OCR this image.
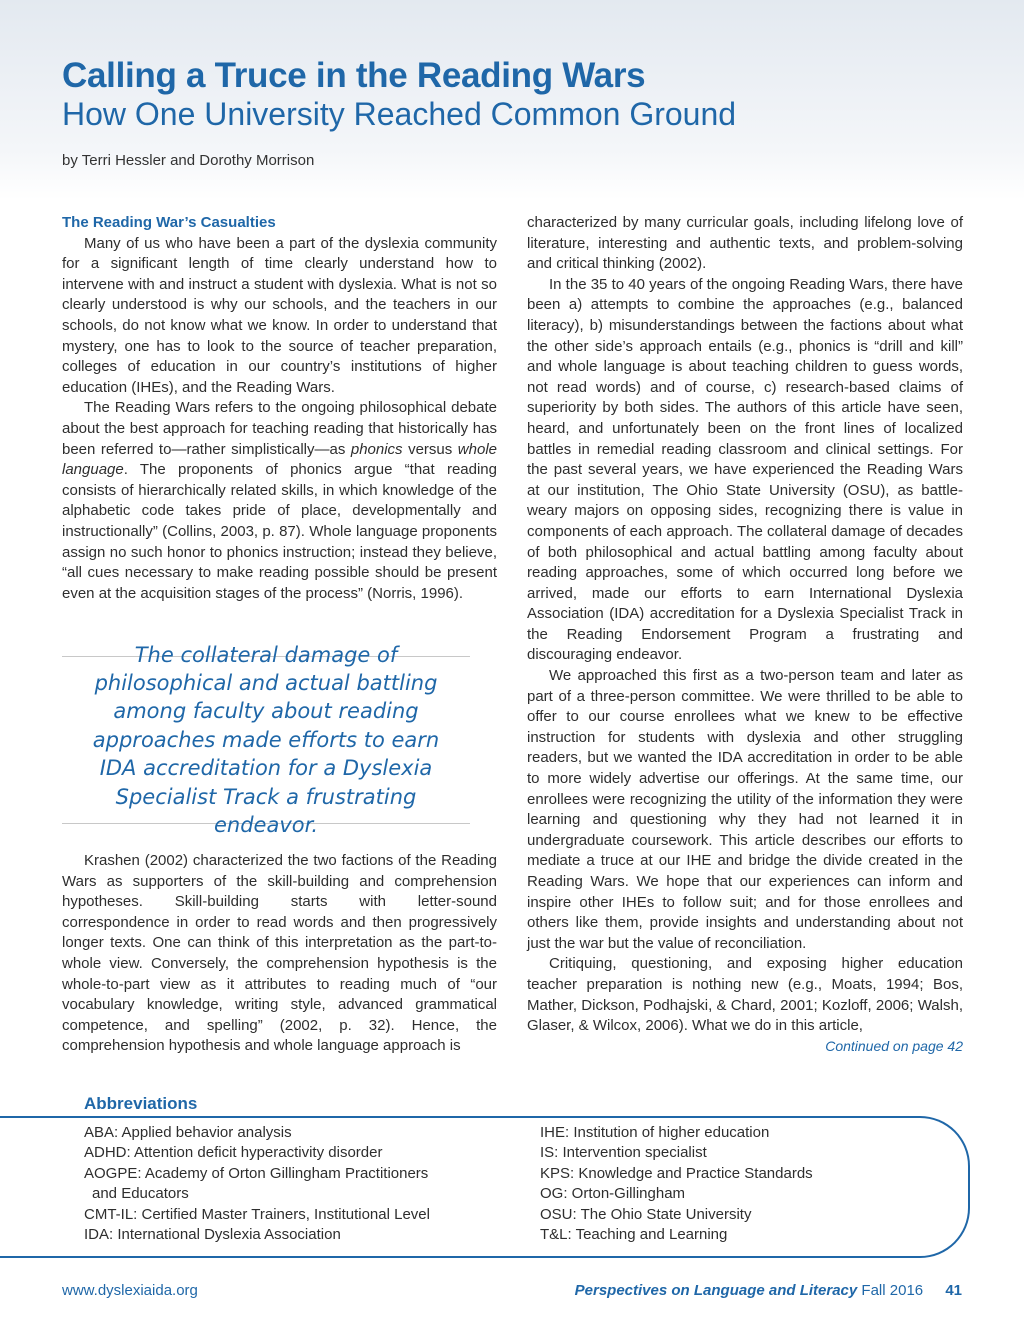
Calling a Truce in the Reading Wars
How One University Reached Common Ground
by Terri Hessler and Dorothy Morrison
The Reading War’s Casualties

Many of us who have been a part of the dyslexia community for a significant length of time clearly understand how to intervene with and instruct a student with dyslexia. What is not so clearly understood is why our schools, and the teachers in our schools, do not know what we know. In order to understand that mystery, one has to look to the source of teacher preparation, colleges of education in our country’s institutions of higher education (IHEs), and the Reading Wars.

The Reading Wars refers to the ongoing philosophical debate about the best approach for teaching reading that historically has been referred to—rather simplistically—as phonics versus whole language. The proponents of phonics argue “that reading consists of hierarchically related skills, in which knowledge of the alphabetic code takes pride of place, developmentally and instructionally” (Collins, 2003, p. 87). Whole language proponents assign no such honor to phonics instruction; instead they believe, “all cues necessary to make reading possible should be present even at the acquisition stages of the process” (Norris, 1996).

The collateral damage of philosophical and actual battling among faculty about reading approaches made efforts to earn IDA accreditation for a Dyslexia Specialist Track a frustrating endeavor.

Krashen (2002) characterized the two factions of the Reading Wars as supporters of the skill-building and comprehension hypotheses. Skill-building starts with letter-sound correspondence in order to read words and then progressively longer texts. One can think of this interpretation as the part-to-whole view. Conversely, the comprehension hypothesis is the whole-to-part view as it attributes to reading much of “our vocabulary knowledge, writing style, advanced grammatical competence, and spelling” (2002, p. 32). Hence, the comprehension hypothesis and whole language approach is

characterized by many curricular goals, including lifelong love of literature, interesting and authentic texts, and problem-solving and critical thinking (2002).

In the 35 to 40 years of the ongoing Reading Wars, there have been a) attempts to combine the approaches (e.g., balanced literacy), b) misunderstandings between the factions about what the other side’s approach entails (e.g., phonics is “drill and kill” and whole language is about teaching children to guess words, not read words) and of course, c) research-based claims of superiority by both sides. The authors of this article have seen, heard, and unfortunately been on the front lines of localized battles in remedial reading classroom and clinical settings. For the past several years, we have experienced the Reading Wars at our institution, The Ohio State University (OSU), as battle-weary majors on opposing sides, recognizing there is value in components of each approach. The collateral damage of decades of both philosophical and actual battling among faculty about reading approaches, some of which occurred long before we arrived, made our efforts to earn International Dyslexia Association (IDA) accreditation for a Dyslexia Specialist Track in the Reading Endorsement Program a frustrating and discouraging endeavor.

We approached this first as a two-person team and later as part of a three-person committee. We were thrilled to be able to offer to our course enrollees what we knew to be effective instruction for students with dyslexia and other struggling readers, but we wanted the IDA accreditation in order to be able to more widely advertise our offerings. At the same time, our enrollees were recognizing the utility of the information they were learning and questioning why they had not learned it in undergraduate coursework. This article describes our efforts to mediate a truce at our IHE and bridge the divide created in the Reading Wars. We hope that our experiences can inform and inspire other IHEs to follow suit; and for those enrollees and others like them, provide insights and understanding about not just the war but the value of reconciliation.

Critiquing, questioning, and exposing higher education teacher preparation is nothing new (e.g., Moats, 1994; Bos, Mather, Dickson, Podhajski, & Chard, 2001; Kozloff, 2006; Walsh, Glaser, & Wilcox, 2006). What we do in this article,

Continued on page 42
Abbreviations
ABA: Applied behavior analysis
ADHD: Attention deficit hyperactivity disorder
AOGPE: Academy of Orton Gillingham Practitioners
and Educators
CMT-IL: Certified Master Trainers, Institutional Level
IDA: International Dyslexia Association
IHE: Institution of higher education
IS: Intervention specialist
KPS: Knowledge and Practice Standards
OG: Orton-Gillingham
OSU: The Ohio State University
T&L: Teaching and Learning
www.dyslexiaida.org	Perspectives on Language and Literacy Fall 2016 41
